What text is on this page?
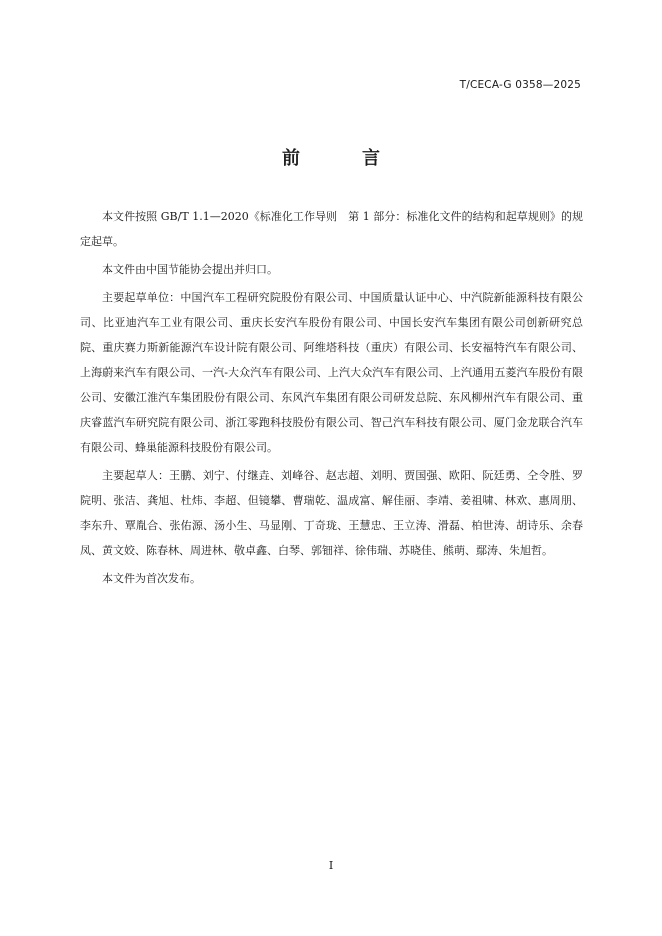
T/CECA-G 0358—2025
前　言

本文件按照 GB/T 1.1—2020《标准化工作导则　第 1 部分：标准化文件的结构和起草规则》的规定起草。

本文件由中国节能协会提出并归口。

主要起草单位：中国汽车工程研究院股份有限公司、中国质量认证中心、中汽院新能源科技有限公司、比亚迪汽车工业有限公司、重庆长安汽车股份有限公司、中国长安汽车集团有限公司创新研究总院、重庆赛力斯新能源汽车设计院有限公司、阿维塔科技（重庆）有限公司、长安福特汽车有限公司、上海蔚来汽车有限公司、一汽-大众汽车有限公司、上汽大众汽车有限公司、上汽通用五菱汽车股份有限公司、安徽江淮汽车集团股份有限公司、东风汽车集团有限公司研发总院、东风柳州汽车有限公司、重庆睿蓝汽车研究院有限公司、浙江零跑科技股份有限公司、智己汽车科技有限公司、厦门金龙联合汽车有限公司、蜂巢能源科技股份有限公司。

主要起草人：王鹏、刘宁、付继垚、刘峰谷、赵志超、刘明、贾国强、欧阳、阮廷勇、仝令胜、罗院明、张洁、龚旭、杜炜、李超、但镜攀、曹瑞乾、温成富、解佳丽、李靖、姜祖啸、林欢、惠周朋、李东升、覃胤合、张佑源、汤小生、马显刚、丁奇珑、王慧忠、王立涛、滑磊、柏世涛、胡诗乐、余春凤、黄文姣、陈春林、周进林、敬卓鑫、白琴、郭钿祥、徐伟瑞、苏晓佳、熊萌、鄢涛、朱旭哲。

本文件为首次发布。

I
